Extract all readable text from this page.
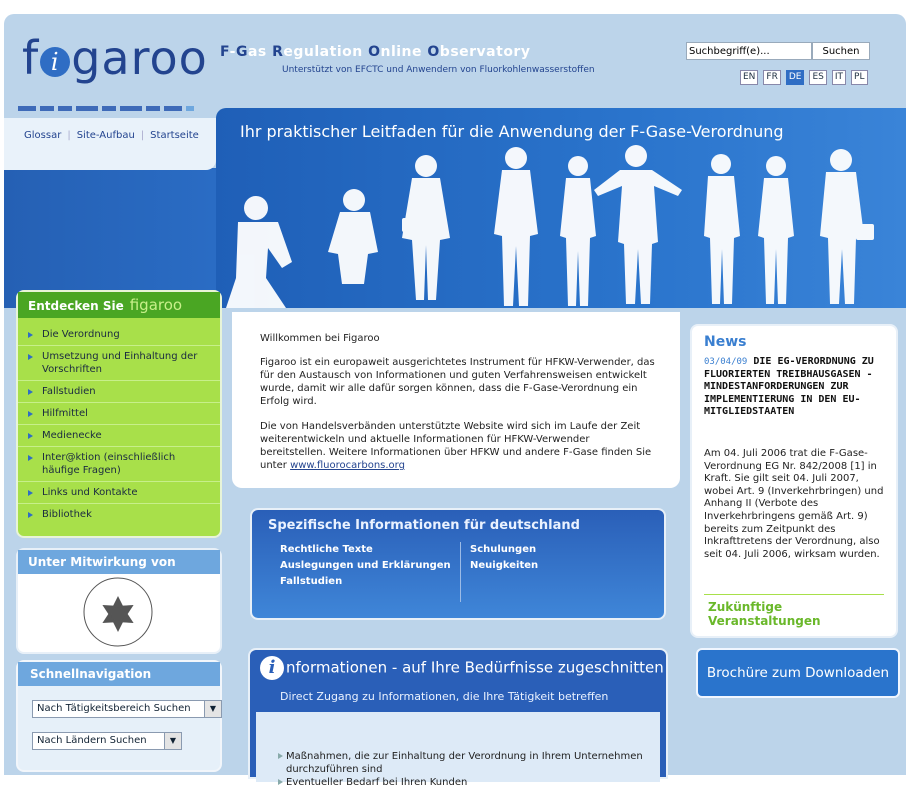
f i garoo F-Gas Regulation Online Observatory
Unterstützt von EFCTC und Anwendern von Fluorkohlenwasserstoffen
Suchbegriff(e)...
Suchen
EN	FR	DE	ES	IT	PL
Ihr praktischer Leitfaden für die Anwendung der F-Gase-Verordnung
Glossar | Site-Aufbau | Startseite
Entdecken Sie figaroo
Die Verordnung
Umsetzung und Einhaltung der Vorschriften
Fallstudien
Hilfmittel
Medienecke
Inter@ktion (einschließlich häufige Fragen)
Links und Kontakte
Bibliothek
Unter Mitwirkung von
Schnellnavigation
Nach Tätigkeitsbereich Suchen	▼
Nach Ländern Suchen	▼

Willkommen bei Figaroo

Figaroo ist ein europaweit ausgerichtetes Instrument für HFKW-Verwender, das für den Austausch von Informationen und guten Verfahrensweisen entwickelt wurde, damit wir alle dafür sorgen können, dass die F-Gase-Verordnung ein Erfolg wird.

Die von Handelsverbänden unterstützte Website wird sich im Laufe der Zeit weiterentwickeln und aktuelle Informationen für HFKW-Verwender bereitstellen. Weitere Informationen über HFKW und andere F-Gase finden Sie unter www.fluorocarbons.org

Spezifische Informationen für deutschland
Rechtliche Texte
Auslegungen und Erklärungen
Fallstudien
Schulungen
Neuigkeiten
i nformationen - auf Ihre Bedürfnisse zugeschnitten
Direct Zugang zu Informationen, die Ihre Tätigkeit betreffen
Maßnahmen, die zur Einhaltung der Verordnung in Ihrem Unternehmen durchzuführen sind
Eventueller Bedarf bei Ihren Kunden
News
03/04/09 DIE EG-VERORDNUNG ZU FLUORIERTEN TREIBHAUSGASEN - MINDESTANFORDERUNGEN ZUR IMPLEMENTIERUNG IN DEN EU-MITGLIEDSTAATEN
Am 04. Juli 2006 trat die F-Gase-Verordnung EG Nr. 842/2008 [1] in Kraft. Sie gilt seit 04. Juli 2007, wobei Art. 9 (Inverkehrbringen) und Anhang II (Verbote des Inverkehrbringens gemäß Art. 9) bereits zum Zeitpunkt des Inkrafttretens der Verordnung, also seit 04. Juli 2006, wirksam wurden.
Zukünftige Veranstaltungen
Brochüre zum Downloaden
